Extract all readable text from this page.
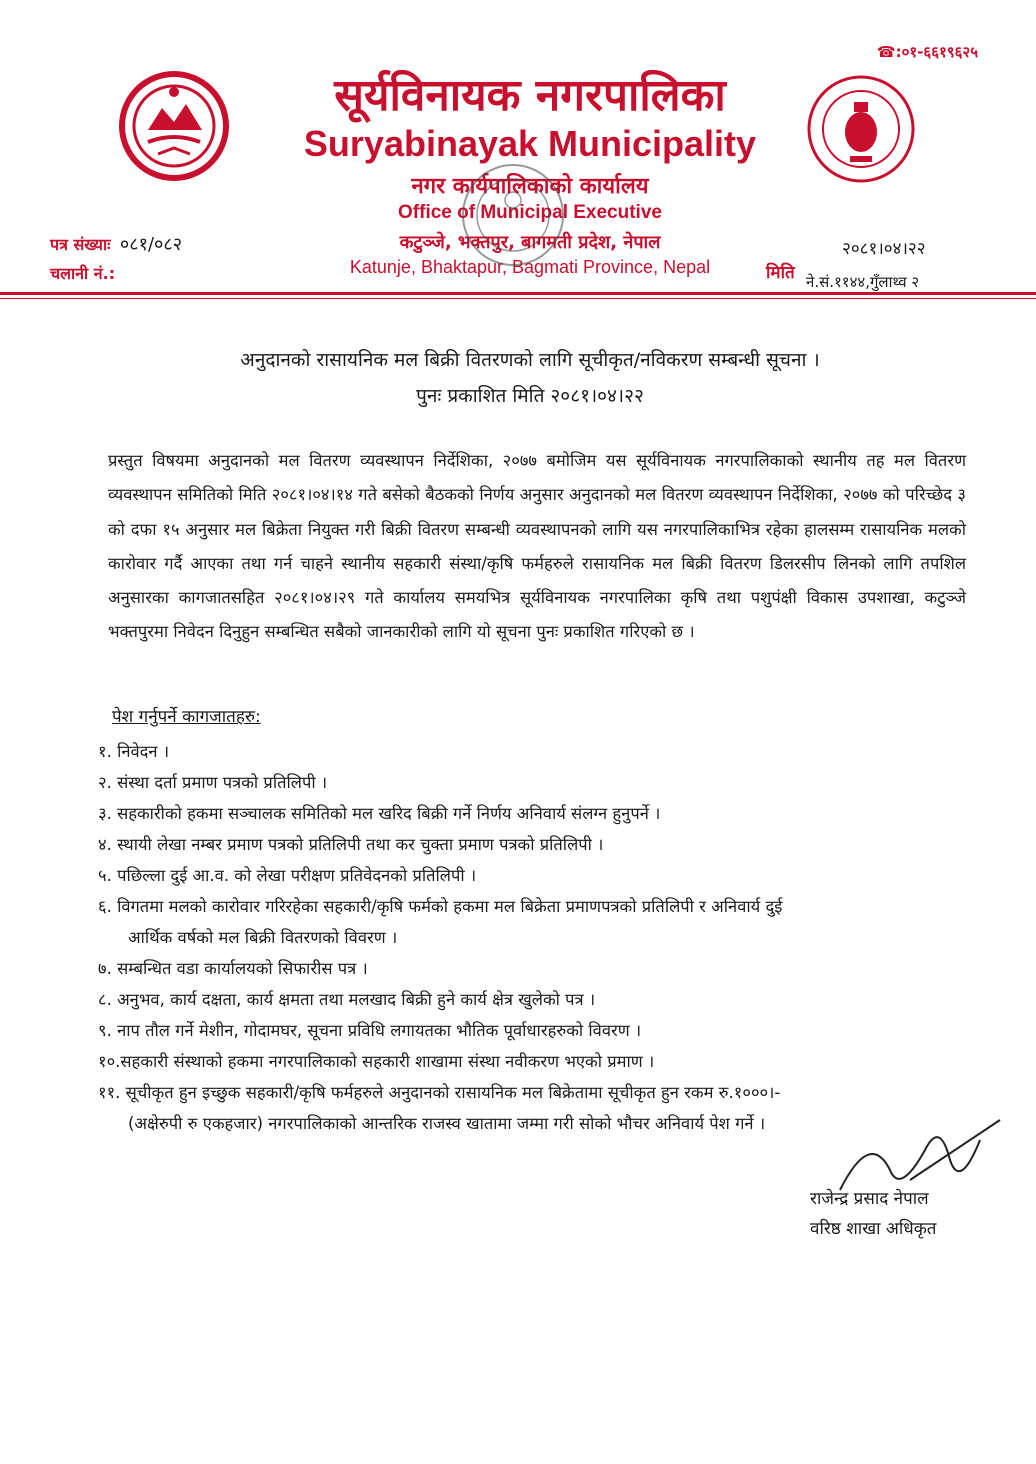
☎:०१-६६१९६२५
सूर्यविनायक नगरपालिका
Suryabinayak Municipality
नगर कार्यपालिकाको कार्यालय
Office of Municipal Executive
कटुञ्जे, भक्तपुर, बागमती प्रदेश, नेपाल
Katunje, Bhaktapur, Bagmati Province, Nepal
पत्र संख्याः ०८१/०८२
चलानी नं.:
२०८१।०४।२२
मिति ने.सं.११४४,गुँलाथ्व २
अनुदानको रासायनिक मल बिक्री वितरणको लागि सूचीकृत/नविकरण सम्बन्धी सूचना ।
पुनः प्रकाशित मिति २०८१।०४।२२
प्रस्तुत विषयमा अनुदानको मल वितरण व्यवस्थापन निर्देशिका, २०७७ बमोजिम यस सूर्यविनायक नगरपालिकाको स्थानीय तह मल वितरण व्यवस्थापन समितिको मिति २०८१।०४।१४ गते बसेको बैठकको निर्णय अनुसार अनुदानको मल वितरण व्यवस्थापन निर्देशिका, २०७७ को परिच्छेद ३ को दफा १५ अनुसार मल बिक्रेता नियुक्त गरी बिक्री वितरण सम्बन्धी व्यवस्थापनको लागि यस नगरपालिकाभित्र रहेका हालसम्म रासायनिक मलको कारोवार गर्दै आएका तथा गर्न चाहने स्थानीय सहकारी संस्था/कृषि फर्महरुले रासायनिक मल बिक्री वितरण डिलरसीप लिनको लागि तपशिल अनुसारका कागजातसहित २०८१।०४।२९ गते कार्यालय समयभित्र सूर्यविनायक नगरपालिका कृषि तथा पशुपंक्षी विकास उपशाखा, कटुञ्जे भक्तपुरमा निवेदन दिनुहुन सम्बन्धित सबैको जानकारीको लागि यो सूचना पुनः प्रकाशित गरिएको छ ।
पेश गर्नुपर्ने कागजातहरु:
१. निवेदन ।
२. संस्था दर्ता प्रमाण पत्रको प्रतिलिपी ।
३. सहकारीको हकमा सञ्चालक समितिको मल खरिद बिक्री गर्ने निर्णय अनिवार्य संलग्न हुनुपर्ने ।
४. स्थायी लेखा नम्बर प्रमाण पत्रको प्रतिलिपी तथा कर चुक्ता प्रमाण पत्रको प्रतिलिपी ।
५. पछिल्ला दुई आ.व. को लेखा परीक्षण प्रतिवेदनको प्रतिलिपी ।
६. विगतमा मलको कारोवार गरिरहेका सहकारी/कृषि फर्मको हकमा मल बिक्रेता प्रमाणपत्रको प्रतिलिपी र अनिवार्य दुई
आर्थिक वर्षको मल बिक्री वितरणको विवरण ।
७. सम्बन्धित वडा कार्यालयको सिफारीस पत्र ।
८. अनुभव, कार्य दक्षता, कार्य क्षमता तथा मलखाद बिक्री हुने कार्य क्षेत्र खुलेको पत्र ।
९. नाप तौल गर्ने मेशीन, गोदामघर, सूचना प्रविधि लगायतका भौतिक पूर्वाधारहरुको विवरण ।
१०.सहकारी संस्थाको हकमा नगरपालिकाको सहकारी शाखामा संस्था नवीकरण भएको प्रमाण ।
११. सूचीकृत हुन इच्छुक सहकारी/कृषि फर्महरुले अनुदानको रासायनिक मल बिक्रेतामा सूचीकृत हुन रकम रु.१०००।-
(अक्षेरुपी रु एकहजार) नगरपालिकाको आन्तरिक राजस्व खातामा जम्मा गरी सोको भौचर अनिवार्य पेश गर्ने ।
राजेन्द्र प्रसाद नेपाल
वरिष्ठ शाखा अधिकृत
